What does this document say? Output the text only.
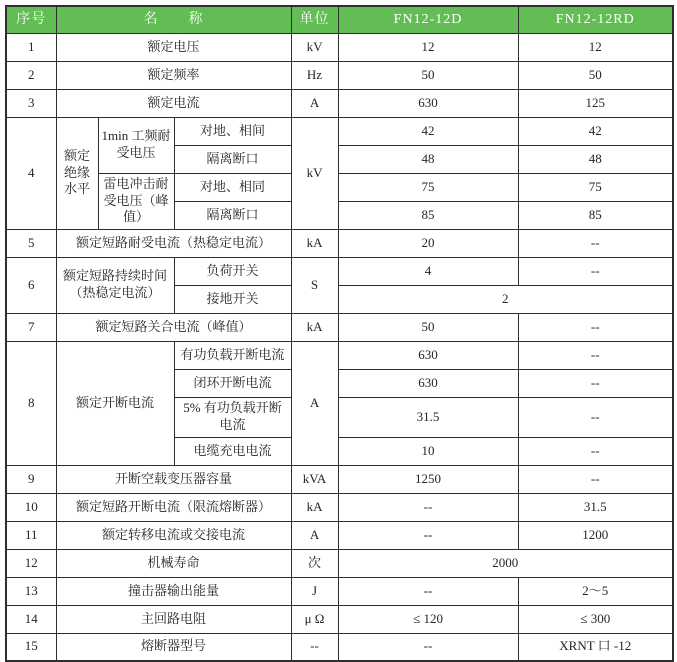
序号	名　　称			单位	FN12-12D	FN12-12RD
1	额定电压			kV	12	12
2	额定频率			Hz	50	50
3	额定电流			A	630	125
4	额定绝缘水平	1min 工频耐受电压	对地、相间	kV	42	42
			隔离断口		48	48
		雷电冲击耐受电压（峰值）	对地、相同		75	75
			隔离断口		85	85
5	额定短路耐受电流（热稳定电流）			kA	20	--
6	额定短路持续时间（热稳定电流）		负荷开关	S	4	--
			接地开关		2	
7	额定短路关合电流（峰值）			kA	50	--
8	额定开断电流		有功负载开断电流	A	630	--
			闭环开断电流		630	--
			5% 有功负载开断电流		31.5	--
			电缆充电电流		10	--
9	开断空载变压器容量			kVA	1250	--
10	额定短路开断电流（限流熔断器）			kA	--	31.5
11	额定转移电流或交接电流			A	--	1200
12	机械寿命			次	2000	
13	撞击器输出能量			J	--	2～5
14	主回路电阻			μ Ω	≤ 120	≤ 300
15	熔断器型号			--	--	XRNT 口 -12
